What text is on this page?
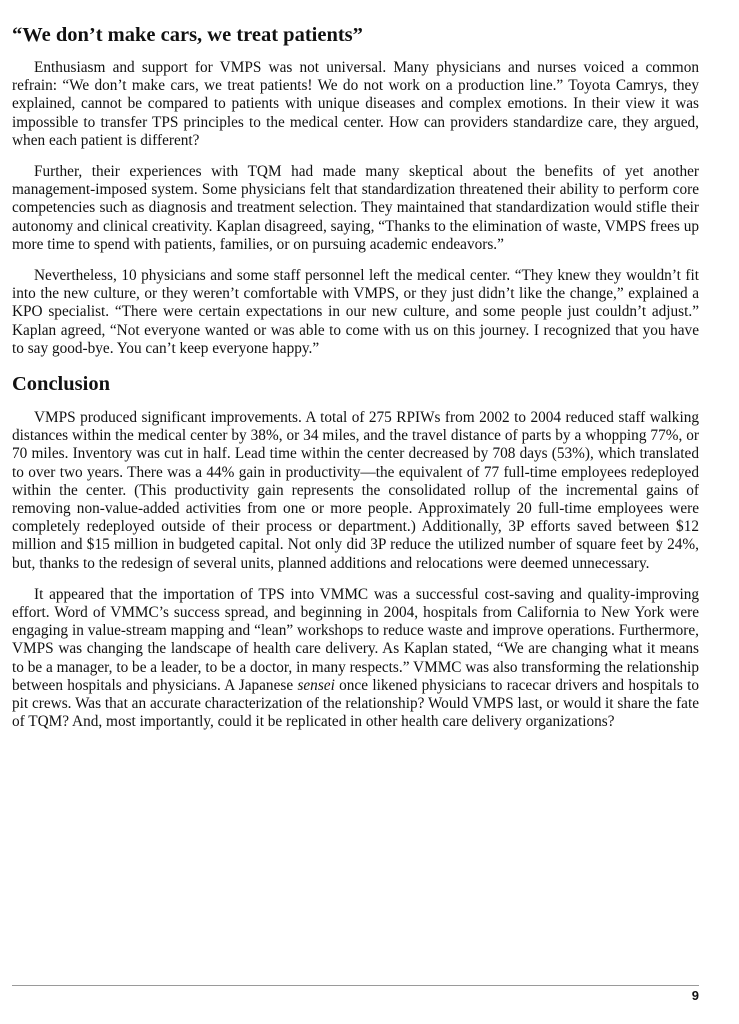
“We don’t make cars, we treat patients”

Enthusiasm and support for VMPS was not universal. Many physicians and nurses voiced a common refrain: “We don’t make cars, we treat patients! We do not work on a production line.” Toyota Camrys, they explained, cannot be compared to patients with unique diseases and complex emotions. In their view it was impossible to transfer TPS principles to the medical center. How can providers standardize care, they argued, when each patient is different?

Further, their experiences with TQM had made many skeptical about the benefits of yet another management-imposed system. Some physicians felt that standardization threatened their ability to perform core competencies such as diagnosis and treatment selection. They maintained that standardization would stifle their autonomy and clinical creativity. Kaplan disagreed, saying, “Thanks to the elimination of waste, VMPS frees up more time to spend with patients, families, or on pursuing academic endeavors.”

Nevertheless, 10 physicians and some staff personnel left the medical center. “They knew they wouldn’t fit into the new culture, or they weren’t comfortable with VMPS, or they just didn’t like the change,” explained a KPO specialist. “There were certain expectations in our new culture, and some people just couldn’t adjust.” Kaplan agreed, “Not everyone wanted or was able to come with us on this journey. I recognized that you have to say good-bye. You can’t keep everyone happy.”

Conclusion

VMPS produced significant improvements. A total of 275 RPIWs from 2002 to 2004 reduced staff walking distances within the medical center by 38%, or 34 miles, and the travel distance of parts by a whopping 77%, or 70 miles. Inventory was cut in half. Lead time within the center decreased by 708 days (53%), which translated to over two years. There was a 44% gain in productivity—the equivalent of 77 full-time employees redeployed within the center. (This productivity gain represents the consolidated rollup of the incremental gains of removing non-value-added activities from one or more people. Approximately 20 full-time employees were completely redeployed outside of their process or department.) Additionally, 3P efforts saved between $12 million and $15 million in budgeted capital. Not only did 3P reduce the utilized number of square feet by 24%, but, thanks to the redesign of several units, planned additions and relocations were deemed unnecessary.

It appeared that the importation of TPS into VMMC was a successful cost-saving and quality-improving effort. Word of VMMC’s success spread, and beginning in 2004, hospitals from California to New York were engaging in value-stream mapping and “lean” workshops to reduce waste and improve operations. Furthermore, VMPS was changing the landscape of health care delivery. As Kaplan stated, “We are changing what it means to be a manager, to be a leader, to be a doctor, in many respects.” VMMC was also transforming the relationship between hospitals and physicians. A Japanese sensei once likened physicians to racecar drivers and hospitals to pit crews. Was that an accurate characterization of the relationship? Would VMPS last, or would it share the fate of TQM? And, most importantly, could it be replicated in other health care delivery organizations?

9
